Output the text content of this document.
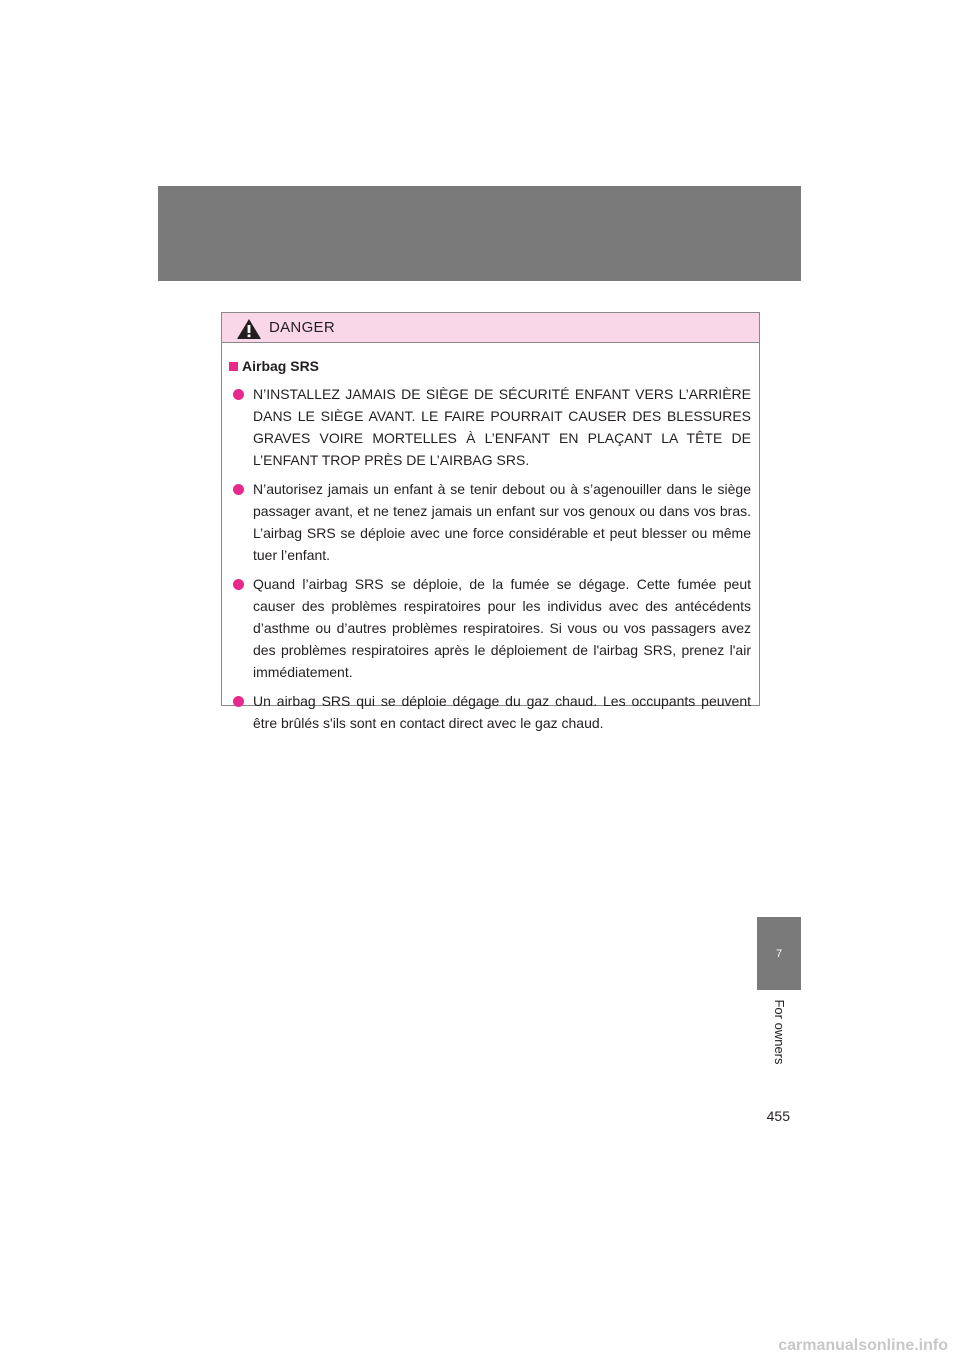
DANGER
Airbag SRS
N’INSTALLEZ JAMAIS DE SIÈGE DE SÉCURITÉ ENFANT VERS L’ARRIÈRE DANS LE SIÈGE AVANT. LE FAIRE POURRAIT CAUSER DES BLESSURES GRAVES VOIRE MORTELLES À L’ENFANT EN PLAÇANT LA TÊTE DE L’ENFANT TROP PRÈS DE L’AIRBAG SRS.
N’autorisez jamais un enfant à se tenir debout ou à s’agenouiller dans le siège passager avant, et ne tenez jamais un enfant sur vos genoux ou dans vos bras. L’airbag SRS se déploie avec une force considérable et peut blesser ou même tuer l’enfant.
Quand l’airbag SRS se déploie, de la fumée se dégage. Cette fumée peut causer des problèmes respiratoires pour les individus avec des antécédents d’asthme ou d’autres problèmes respiratoires. Si vous ou vos passagers avez des problèmes respiratoires après le déploiement de l'airbag SRS, prenez l'air immédiatement.
Un airbag SRS qui se déploie dégage du gaz chaud. Les occupants peuvent être brûlés s'ils sont en contact direct avec le gaz chaud.
7
For owners
455
carmanualsonline.info
